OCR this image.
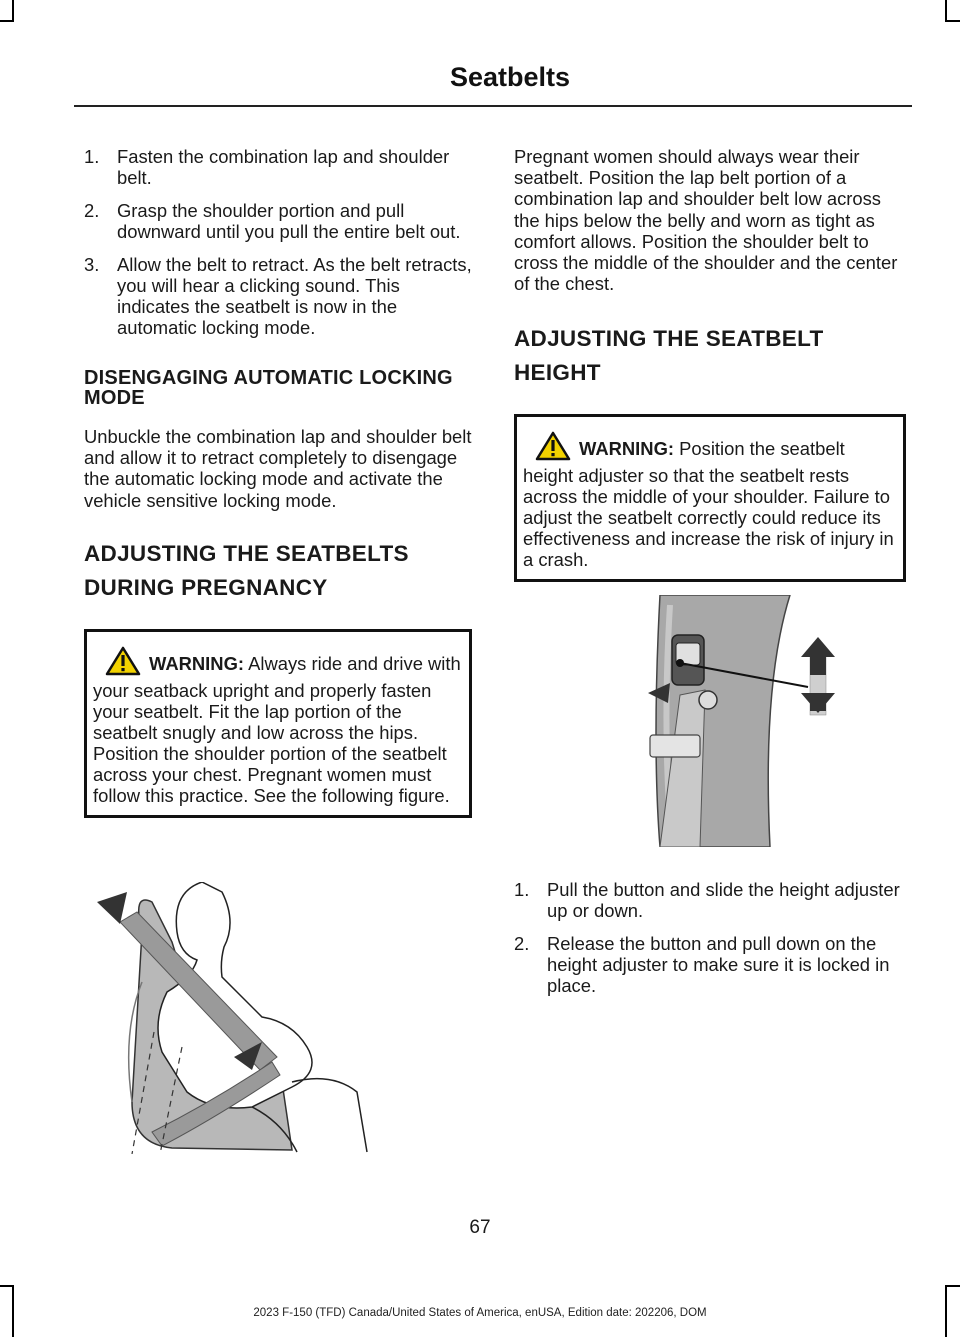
Seatbelts
1. Fasten the combination lap and shoulder belt.
2. Grasp the shoulder portion and pull downward until you pull the entire belt out.
3. Allow the belt to retract. As the belt retracts, you will hear a clicking sound. This indicates the seatbelt is now in the automatic locking mode.
DISENGAGING AUTOMATIC LOCKING MODE

Unbuckle the combination lap and shoulder belt and allow it to retract completely to disengage the automatic locking mode and activate the vehicle sensitive locking mode.

ADJUSTING THE SEATBELTS
DURING PREGNANCY
WARNING: Always ride and drive with your seatback upright and properly fasten your seatbelt. Fit the lap portion of the seatbelt snugly and low across the hips. Position the shoulder portion of the seatbelt across your chest. Pregnant women must follow this practice. See the following figure.

Pregnant women should always wear their seatbelt. Position the lap belt portion of a combination lap and shoulder belt low across the hips below the belly and worn as tight as comfort allows. Position the shoulder belt to cross the middle of the shoulder and the center of the chest.

ADJUSTING THE SEATBELT
HEIGHT
WARNING: Position the seatbelt height adjuster so that the seatbelt rests across the middle of your shoulder. Failure to adjust the seatbelt correctly could reduce its effectiveness and increase the risk of injury in a crash.
1. Pull the button and slide the height adjuster up or down.
2. Release the button and pull down on the height adjuster to make sure it is locked in place.
67
2023 F-150 (TFD) Canada/United States of America, enUSA, Edition date: 202206, DOM
